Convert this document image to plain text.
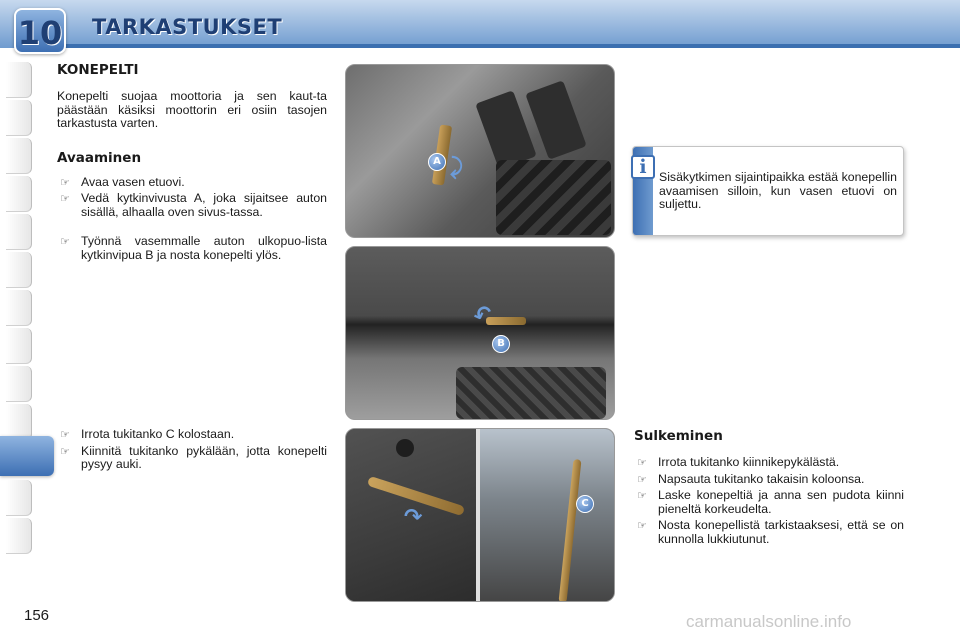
10 TARKASTUKSET
KONEPELTI
Konepelti suojaa moottoria ja sen kaut-ta päästään käsiksi moottorin eri osiin tasojen tarkastusta varten.
Avaaminen
☞ Avaa vasen etuovi.
☞ Vedä kytkinvivusta A, joka sijaitsee auton sisällä, alhaalla oven sivus-tassa.
☞ Työnnä vasemmalle auton ulkopuo-lista kytkinvipua B ja nosta konepelti ylös.
☞ Irrota tukitanko C kolostaan.
☞ Kiinnitä tukitanko pykälään, jotta konepelti pysyy auki.
A ⤸
↶
B
↷
C
i	Sisäkytkimen sijaintipaikka estää konepellin avaamisen silloin, kun vasen etuovi on suljettu.
Sulkeminen
☞ Irrota tukitanko kiinnikepykälästä.
☞ Napsauta tukitanko takaisin koloonsa.
☞ Laske konepeltiä ja anna sen pudota kiinni pieneltä korkeudelta.
☞ Nosta konepellistä tarkistaaksesi, että se on kunnolla lukkiutunut.
156	carmanualsonline.info
